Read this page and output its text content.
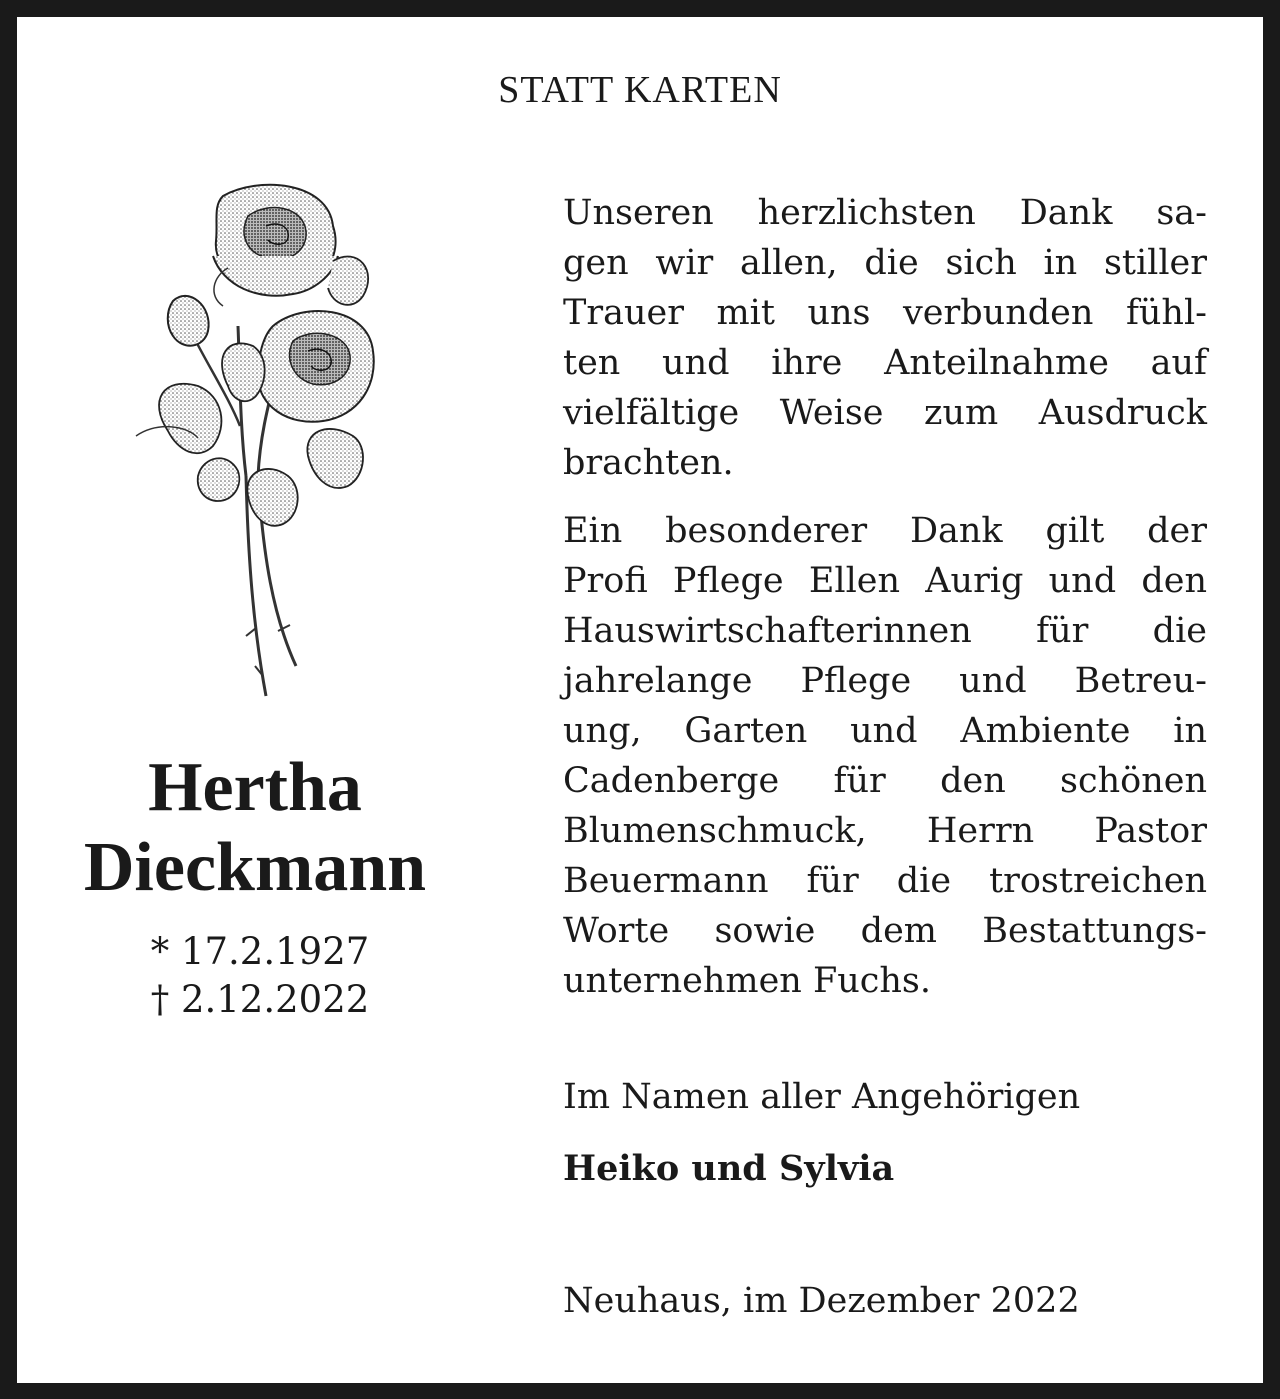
STATT KARTEN
Hertha
Dieckmann
* 17.2.1927
† 2.12.2022

Unseren herzlichsten Dank sa-
gen wir allen, die sich in stiller
Trauer mit uns verbunden fühl-
ten und ihre Anteilnahme auf
vielfältige Weise zum Ausdruck
brachten.

Ein besonderer Dank gilt der
Profi Pflege Ellen Aurig und den
Hauswirtschafterinnen für die
jahrelange Pflege und Betreu-
ung, Garten und Ambiente in
Cadenberge für den schönen
Blumenschmuck, Herrn Pastor
Beuermann für die trostreichen
Worte sowie dem Bestattungs-
unternehmen Fuchs.

Im Namen aller Angehörigen
Heiko und Sylvia
Neuhaus, im Dezember 2022
